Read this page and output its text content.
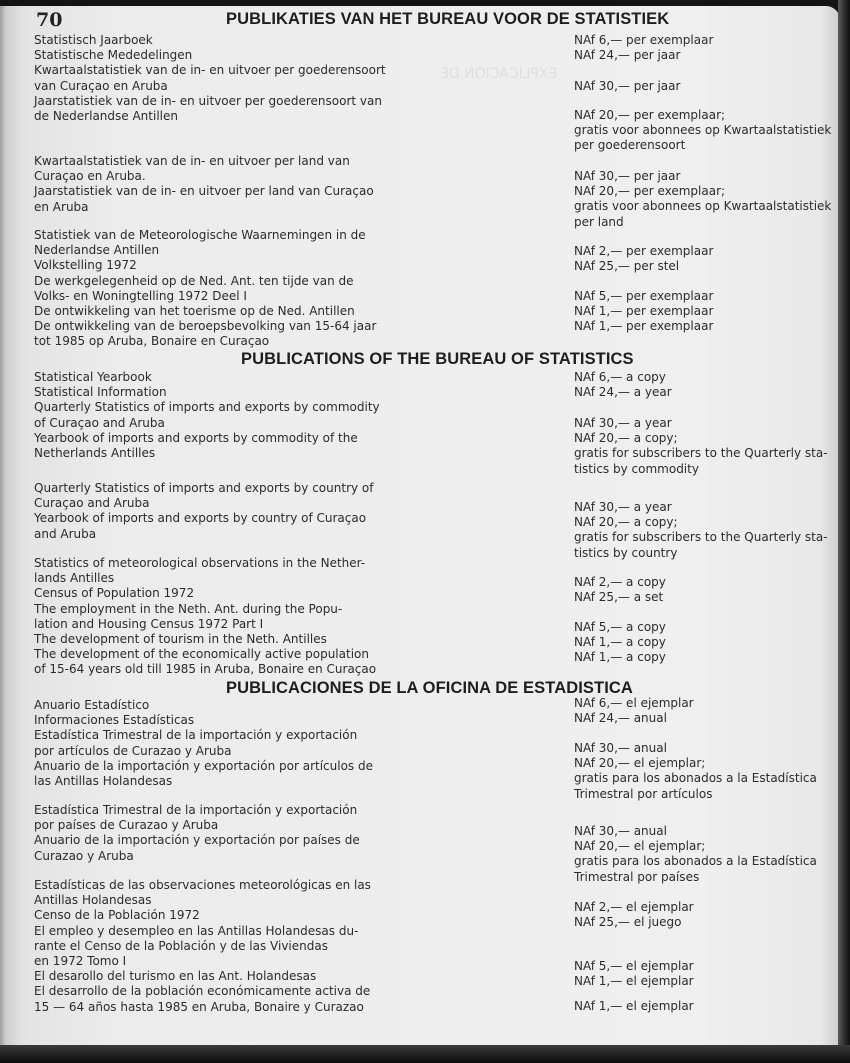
EXPLICACION DE
70	PUBLIKATIES VAN HET BUREAU VOOR DE STATISTIEK
Statistisch Jaarboek
Statistische Mededelingen
Kwartaalstatistiek van de in- en uitvoer per goederensoort
van Curaçao en Aruba
Jaarstatistiek van de in- en uitvoer per goederensoort van
de Nederlandse Antillen
Kwartaalstatistiek van de in- en uitvoer per land van
Curaçao en Aruba.
Jaarstatistiek van de in- en uitvoer per land van Curaçao
en Aruba
Statistiek van de Meteorologische Waarnemingen in de
Nederlandse Antillen
Volkstelling 1972
De werkgelegenheid op de Ned. Ant. ten tijde van de
Volks- en Woningtelling 1972 Deel I
De ontwikkeling van het toerisme op de Ned. Antillen
De ontwikkeling van de beroepsbevolking van 15-64 jaar
tot 1985 op Aruba, Bonaire en Curaçao
NAf 6,— per exemplaar
NAf 24,— per jaar
NAf 30,— per jaar
NAf 20,— per exemplaar;
gratis voor abonnees op Kwartaalstatistiek
per goederensoort
NAf 30,— per jaar
NAf 20,— per exemplaar;
gratis voor abonnees op Kwartaalstatistiek
per land
NAf 2,— per exemplaar
NAf 25,— per stel
NAf 5,— per exemplaar
NAf 1,— per exemplaar
NAf 1,— per exemplaar
PUBLICATIONS OF THE BUREAU OF STATISTICS
Statistical Yearbook
Statistical Information
Quarterly Statistics of imports and exports by commodity
of Curaçao and Aruba
Yearbook of imports and exports by commodity of the
Netherlands Antilles
Quarterly Statistics of imports and exports by country of
Curaçao and Aruba
Yearbook of imports and exports by country of Curaçao
and Aruba
Statistics of meteorological observations in the Nether-
lands Antilles
Census of Population 1972
The employment in the Neth. Ant. during the Popu-
lation and Housing Census 1972 Part I
The development of tourism in the Neth. Antilles
The development of the economically active population
of 15-64 years old till 1985 in Aruba, Bonaire en Curaçao
NAf 6,— a copy
NAf 24,— a year
NAf 30,— a year
NAf 20,— a copy;
gratis for subscribers to the Quarterly sta-
tistics by commodity
NAf 30,— a year
NAf 20,— a copy;
gratis for subscribers to the Quarterly sta-
tistics by country
NAf 2,— a copy
NAf 25,— a set
NAf 5,— a copy
NAf 1,— a copy
NAf 1,— a copy
PUBLICACIONES DE LA OFICINA DE ESTADISTICA
Anuario Estadístico
Informaciones Estadísticas
Estadística Trimestral de la importación y exportación
por artículos de Curazao y Aruba
Anuario de la importación y exportación por artículos de
las Antillas Holandesas
Estadística Trimestral de la importación y exportación
por países de Curazao y Aruba
Anuario de la importación y exportación por países de
Curazao y Aruba
Estadísticas de las observaciones meteorológicas en las
Antillas Holandesas
Censo de la Población 1972
El empleo y desempleo en las Antillas Holandesas du-
rante el Censo de la Población y de las Viviendas
en 1972 Tomo I
El desarollo del turismo en las Ant. Holandesas
El desarrollo de la población económicamente activa de
15 — 64 años hasta 1985 en Aruba, Bonaire y Curazao
NAf 6,— el ejemplar
NAf 24,— anual
NAf 30,— anual
NAf 20,— el ejemplar;
gratis para los abonados a la Estadística
Trimestral por artículos
NAf 30,— anual
NAf 20,— el ejemplar;
gratis para los abonados a la Estadística
Trimestral por países
NAf 2,— el ejemplar
NAf 25,— el juego
NAf 5,— el ejemplar
NAf 1,— el ejemplar
NAf 1,— el ejemplar
